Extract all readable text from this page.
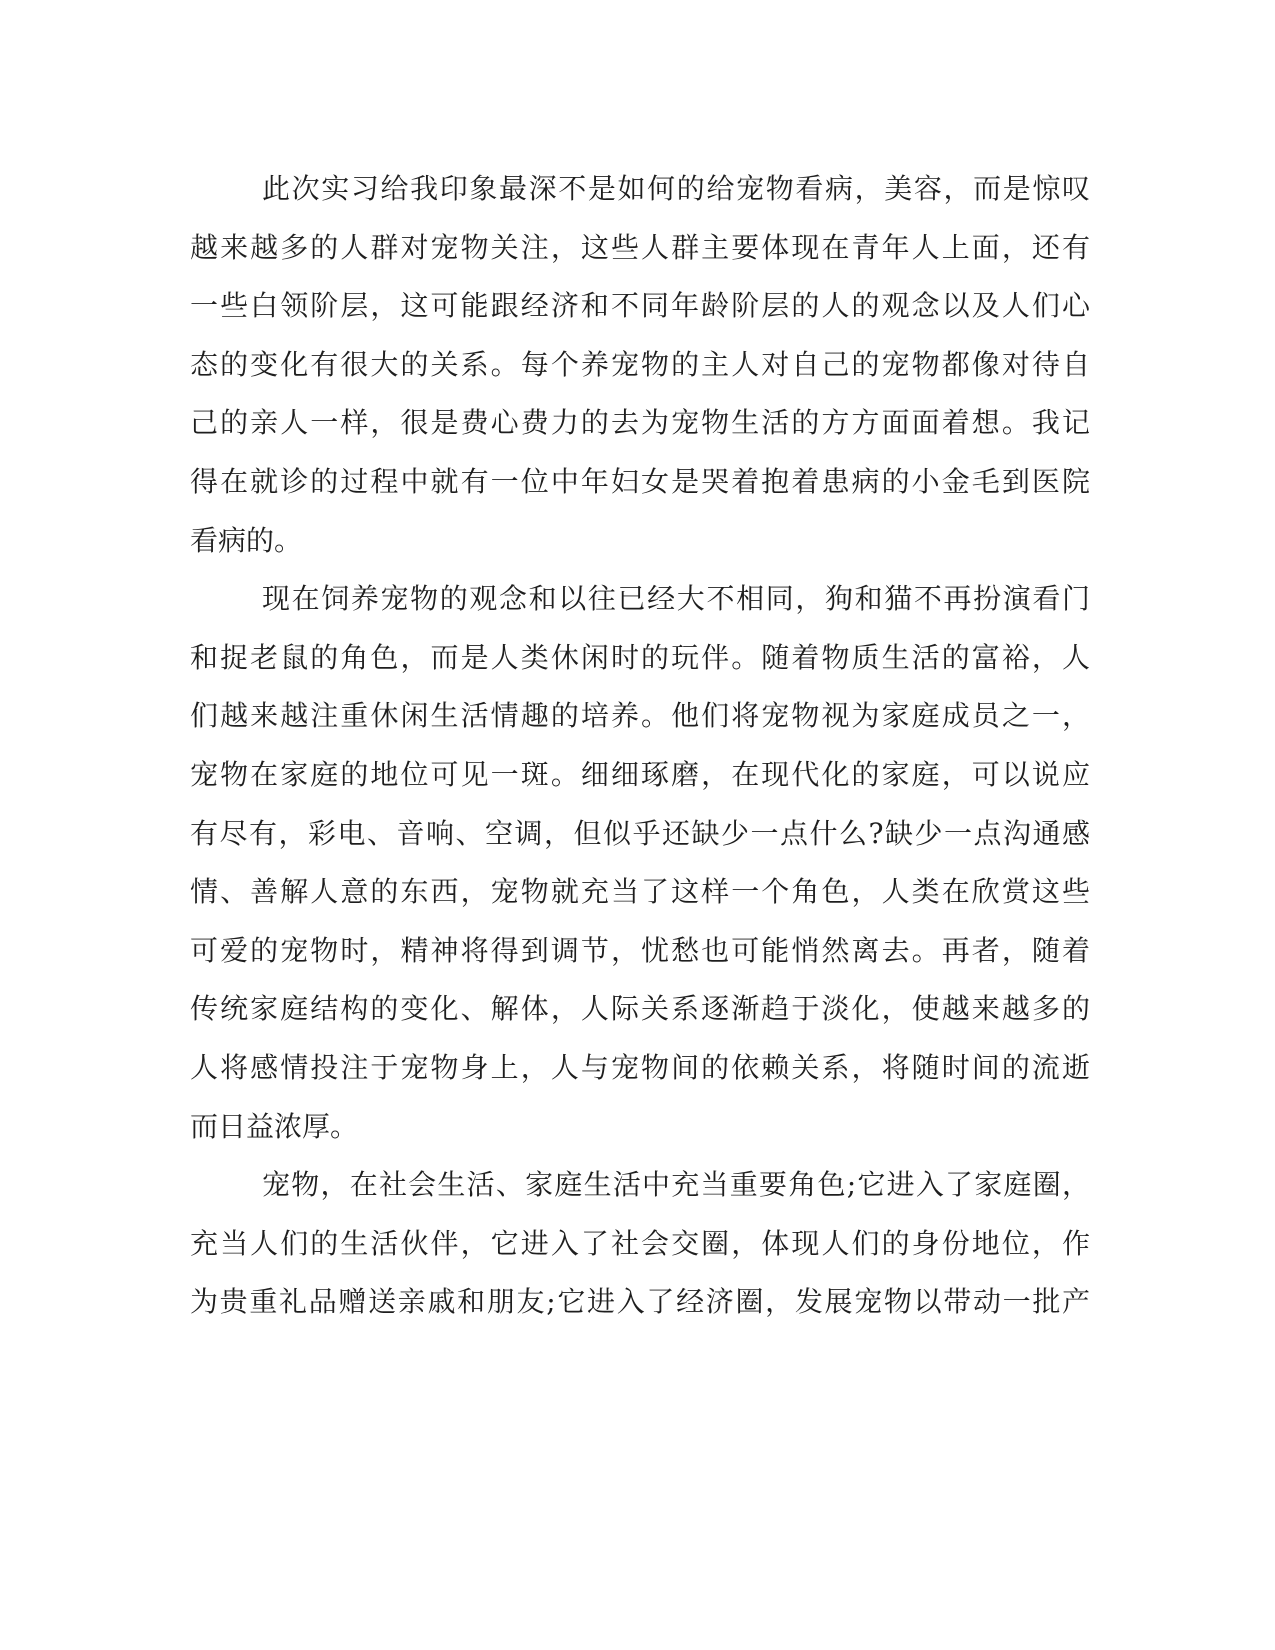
此次实习给我印象最深不是如何的给宠物看病，美容，而是惊叹
越来越多的人群对宠物关注，这些人群主要体现在青年人上面，还有
一些白领阶层，这可能跟经济和不同年龄阶层的人的观念以及人们心
态的变化有很大的关系。每个养宠物的主人对自己的宠物都像对待自
己的亲人一样，很是费心费力的去为宠物生活的方方面面着想。我记
得在就诊的过程中就有一位中年妇女是哭着抱着患病的小金毛到医院
看病的。
现在饲养宠物的观念和以往已经大不相同，狗和猫不再扮演看门
和捉老鼠的角色，而是人类休闲时的玩伴。随着物质生活的富裕，人
们越来越注重休闲生活情趣的培养。他们将宠物视为家庭成员之一，
宠物在家庭的地位可见一斑。细细琢磨，在现代化的家庭，可以说应
有尽有，彩电、音响、空调，但似乎还缺少一点什么?缺少一点沟通感
情、善解人意的东西，宠物就充当了这样一个角色，人类在欣赏这些
可爱的宠物时，精神将得到调节，忧愁也可能悄然离去。再者，随着
传统家庭结构的变化、解体，人际关系逐渐趋于淡化，使越来越多的
人将感情投注于宠物身上，人与宠物间的依赖关系，将随时间的流逝
而日益浓厚。
宠物，在社会生活、家庭生活中充当重要角色;它进入了家庭圈，
充当人们的生活伙伴，它进入了社会交圈，体现人们的身份地位，作
为贵重礼品赠送亲戚和朋友;它进入了经济圈，发展宠物以带动一批产
